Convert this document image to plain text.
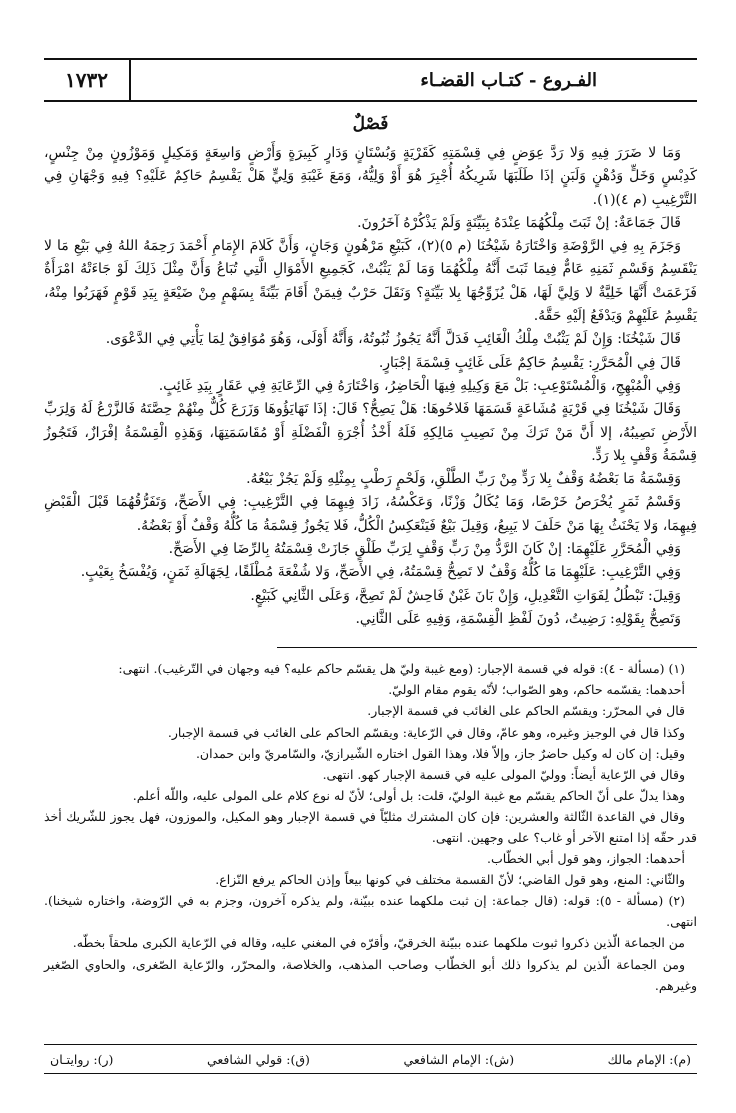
١٧٣٢	الفـروع - كتـاب القضـاء
فَصْلٌ

وَمَا لا ضَرَرَ فِيهِ وَلا رَدَّ عِوَضٍ فِي قِسْمَتِهِ كَقَرْيَةٍ وَبُسْتَانٍ وَدَارٍ كَبِيرَةٍ وَأَرْضٍ وَاسِعَةٍ وَمَكِيلٍ وَمَوْزُونٍ مِنْ جِنْسٍ، كَدِبْسٍ وَخَلٍّ وَدُهْنٍ وَلَبَنٍ إذَا طَلَبَهَا شَرِيكُهُ أُجْبِرَ هُوَ أَوْ وَلِيُّهُ، وَمَعَ غَيْبَةِ وَلِيٍّ هَلْ يَقْسِمُ حَاكِمٌ عَلَيْهِ؟ فِيهِ وَجْهَانِ فِي التَّرْغِيبِ (م ٤)(١).

قَالَ جَمَاعَةٌ: إنْ ثَبَتَ مِلْكُهُمَا عِنْدَهُ بِبَيِّنَةٍ وَلَمْ يَذْكُرْهُ آخَرُونَ.

وَجَزَمَ بِهِ فِي الرَّوْضَةِ وَاخْتَارَهُ شَيْخُنَا (م ٥)(٢)، كَبَيْعِ مَرْهُونٍ وَجَانٍ، وَأَنَّ كَلامَ الإِمَامِ أَحْمَدَ رَحِمَهُ اللهُ فِي بَيْعِ مَا لا يَنْقَسِمُ وَقَسْمِ ثَمَنِهِ عَامٌّ فِيمَا ثَبَتَ أَنَّهُ مِلْكُهُمَا وَمَا لَمْ يَثْبُتْ، كَجَمِيعِ الأَمْوَالِ الَّتِي تُبَاعُ وَأَنَّ مِثْلَ ذَلِكَ لَوْ جَاءَتْهُ امْرَأَةٌ فَزَعَمَتْ أَنَّهَا خَلِيَّةٌ لا وَلِيَّ لَهَا، هَلْ يُزَوِّجُهَا بِلا بَيِّنَةٍ؟ وَنَقَلَ حَرْبٌ فِيمَنْ أَقَامَ بَيِّنَةً بِسَهْمٍ مِنْ ضَيْعَةٍ بِيَدِ قَوْمٍ فَهَرَبُوا مِنْهُ، يَقْسِمُ عَلَيْهِمْ وَيَدْفَعُ إلَيْهِ حَقَّهُ.

قَالَ شَيْخُنَا: وَإِنْ لَمْ يَثْبُتْ مِلْكُ الْغَائِبِ فَدَلَّ أَنَّهُ يَجُوزُ ثُبُوتُهُ، وَأَنَّهُ أَوْلَى، وَهُوَ مُوَافِقٌ لِمَا يَأْتِي فِي الدَّعْوَى.

قَالَ فِي الْمُحَرَّرِ: يَقْسِمُ حَاكِمٌ عَلَى غَائِبٍ قِسْمَةَ إجْبَارٍ.

وَفِي الْمُبْهِجِ، وَالْمُسْتَوْعِبِ: بَلْ مَعَ وَكِيلِهِ فِيهَا الْحَاضِرُ، وَاخْتَارَهُ فِي الرِّعَايَةِ فِي عَقَارٍ بِيَدِ غَائِبٍ.

وَقَالَ شَيْخُنَا فِي قَرْيَةٍ مُشَاعَةٍ قَسَمَهَا فَلاحُوهَا: هَلْ يَصِحُّ؟ قَالَ: إذَا تَهَايَؤُوهَا وَزَرَعَ كُلٌّ مِنْهُمْ حِصَّتَهُ فَالزَّرْعُ لَهُ وَلِرَبِّ الأَرْضِ نَصِيبُهُ، إلا أَنَّ مَنْ تَرَكَ مِنْ نَصِيبِ مَالِكِهِ فَلَهُ أَخْذُ أُجْرَةِ الْفَضْلَةِ أَوْ مُقَاسَمَتِهَا، وَهَذِهِ الْقِسْمَةُ إفْرَازٌ، فَتَجُوزُ قِسْمَةُ وَقْفٍ بِلا رَدٍّ.

وَقِسْمَةُ مَا بَعْضُهُ وَقْفٌ بِلا رَدٍّ مِنْ رَبِّ الطَّلْقِ، وَلَحْمٍ رَطْبٍ بِمِثْلِهِ وَلَمْ يَجُزْ بَيْعُهُ.

وَقَسْمُ ثَمَرٍ يُخْرَصُ خَرْصًا، وَمَا يُكَالُ وَزْنًا، وَعَكْسُهُ، زَادَ فِيهِمَا فِي التَّرْغِيبِ: فِي الأَصَحِّ، وَتَفَرُّقُهُمَا قَبْلَ الْقَبْضِ فِيهِمَا، وَلا يَحْنَثُ بِهَا مَنْ حَلَفَ لا يَبِيعُ، وَقِيلَ بَيْعٌ فَيَنْعَكِسُ الْكُلُّ، فَلا يَجُوزُ قِسْمَةُ مَا كُلُّهُ وَقْفٌ أَوْ بَعْضُهُ.

وَفِي الْمُحَرَّرِ عَلَيْهِمَا: إنْ كَانَ الرَّدُّ مِنْ رَبٍّ وَقْفٍ لِرَبِّ طَلْقٍ جَازَتْ قِسْمَتُهُ بِالرِّضَا فِي الأَصَحِّ.

وَفِي التَّرْغِيبِ: عَلَيْهِمَا مَا كُلُّهُ وَقْفٌ لا تَصِحُّ قِسْمَتُهُ، فِي الأَصَحِّ، وَلا شُفْعَةَ مُطْلَقًا، لِجَهَالَةِ ثَمَنٍ، وَيُفْسَخُ بِعَيْبٍ.

وَقِيلَ: تَبْطُلُ لِفَوَاتِ التَّعْدِيلِ، وَإِنْ بَانَ غَبْنٌ فَاحِشٌ لَمْ تَصِحَّ، وَعَلَى الثَّانِي كَبَيْعٍ.

وَتَصِحُّ بِقَوْلِهِ: رَضِيتُ، دُونَ لَفْظِ الْقِسْمَةِ، وَفِيهِ عَلَى الثَّانِي.

(١) (مسألة - ٤): قوله في قسمة الإجبار: (ومع غيبة وليّ هل يقسّم حاكم عليه؟ فيه وجهان في التّرغيب). انتهى:

أحدهما: يقسّمه حاكم، وهو الصّواب؛ لأنّه يقوم مقام الوليّ.

قال في المحرّر: ويقسّم الحاكم على الغائب في قسمة الإجبار.

وكذا قال في الوجيز وغيره، وهو عامّ، وقال في الرّعاية: ويقسّم الحاكم على الغائب في قسمة الإجبار.

وقيل: إن كان له وكيل حاضرٌ جاز، وإلاّ فلا، وهذا القول اختاره الشّيرازيّ، والسّامريّ وابن حمدان.

وقال في الرّعاية أيضاً: ووليّ المولى عليه في قسمة الإجبار كهو. انتهى.

وهذا يدلّ على أنّ الحاكم يقسّم مع غيبة الوليّ، قلت: بل أولى؛ لأنّ له نوع كلام على المولى عليه، واللّه أعلم.

وقال في القاعدة الثّالثة والعشرين: فإن كان المشترك مثليّاً في قسمة الإجبار وهو المكيل، والموزون، فهل يجوز للشّريك أخذ قدر حقّه إذا امتنع الآخر أو غاب؟ على وجهين. انتهى.

أحدهما: الجواز، وهو قول أبي الخطّاب.

والثّاني: المنع، وهو قول القاضي؛ لأنّ القسمة مختلف في كونها بيعاً وإذن الحاكم يرفع النّزاع.

(٢) (مسألة - ٥): قوله: (قال جماعة: إن ثبت ملكهما عنده ببيّنة، ولم يذكره آخرون، وجزم به في الرّوضة، واختاره شيخنا). انتهى.

من الجماعة الّذين ذكروا ثبوت ملكهما عنده ببيّنة الخرقيّ، وأقرّه في المغني عليه، وقاله في الرّعاية الكبرى ملحقاً بخطّه.

ومن الجماعة الّذين لم يذكروا ذلك أبو الخطّاب وصاحب المذهب، والخلاصة، والمحرّر، والرّعاية الصّغرى، والحاوي الصّغير وغيرهم.

(م): الإمام مالك
(ش): الإمام الشافعي
(ق): قولي الشافعي
(ر): روايتـان
